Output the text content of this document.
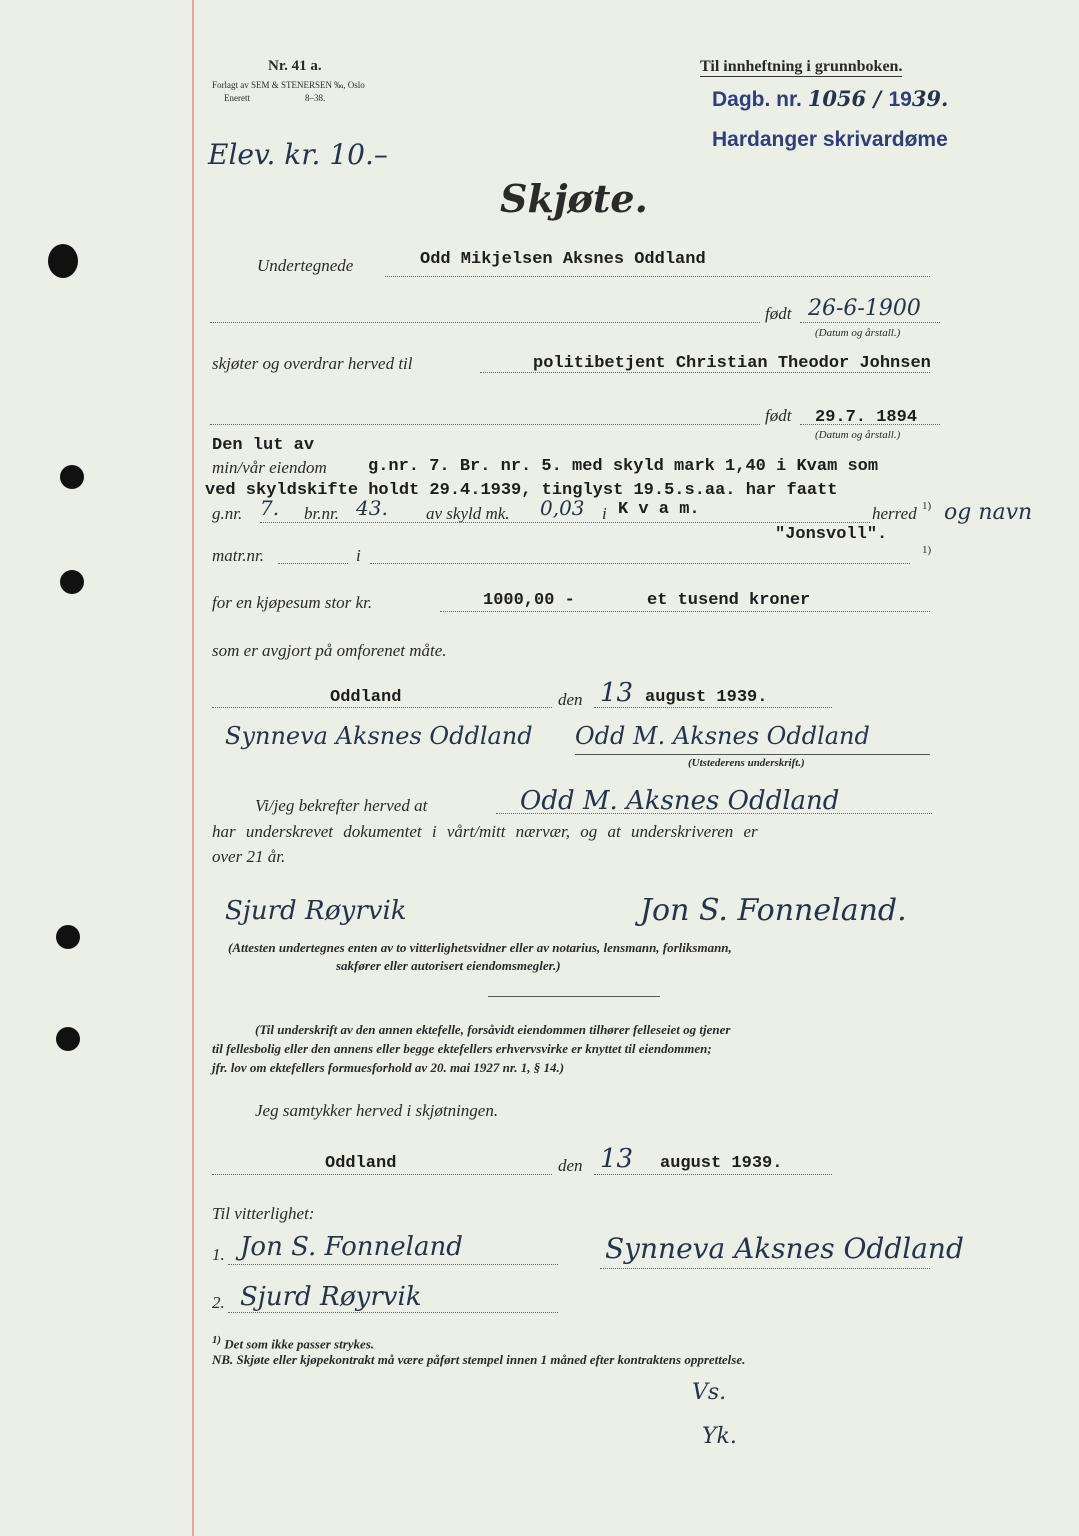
Nr. 41 a.
Forlagt av SEM & STENERSEN ‰, Oslo
Enerett	8–38.
Til innheftning i grunnboken.
Dagb. nr. 1056 / 1939.
Hardanger skrivardøme
Elev. kr. 10.–
Skjøte.
Undertegnede	Odd Mikjelsen Aksnes Oddland
født 26-6-1900
(Datum og årstall.)
skjøter og overdrar herved til	politibetjent Christian Theodor Johnsen
født 29.7. 1894
(Datum og årstall.)
Den lut av
min/vår eiendom g.nr. 7. Br. nr. 5. med skyld mark 1,40 i Kvam som
ved skyldskifte holdt 29.4.1939, tinglyst 19.5.s.aa. har faatt
g.nr. 7. br.nr. 43. av skyld mk. 0,03 i K v a m.	herred 1) og navn
"Jonsvoll".
matr.nr.	i	1)
for en kjøpesum stor kr.	1000,00 -	et tusend kroner
som er avgjort på omforenet måte.
Oddland	den 13 august 1939.
Synneva Aksnes Oddland Odd M. Aksnes Oddland
(Utstederens underskrift.)
Vi/jeg bekrefter herved at	Odd M. Aksnes Oddland
har underskrevet dokumentet i vårt/mitt nærvær, og at underskriveren er
over 21 år.
Sjurd Røyrvik	Jon S. Fonneland.
(Attesten undertegnes enten av to vitterlighetsvidner eller av notarius, lensmann, forliksmann,
sakfører eller autorisert eiendomsmegler.)
(Til underskrift av den annen ektefelle, forsåvidt eiendommen tilhører felleseiet og tjener
til fellesbolig eller den annens eller begge ektefellers erhvervsvirke er knyttet til eiendommen;
jfr. lov om ektefellers formuesforhold av 20. mai 1927 nr. 1, § 14.)
Jeg samtykker herved i skjøtningen.
Oddland	den 13 august 1939.
Til vitterlighet:
1. Jon S. Fonneland	Synneva Aksnes Oddland
2. Sjurd Røyrvik
$^{1)}$ Det som ikke passer strykes.
NB. Skjøte eller kjøpekontrakt må være påført stempel innen 1 måned efter kontraktens opprettelse.
Vs.
Yk.
